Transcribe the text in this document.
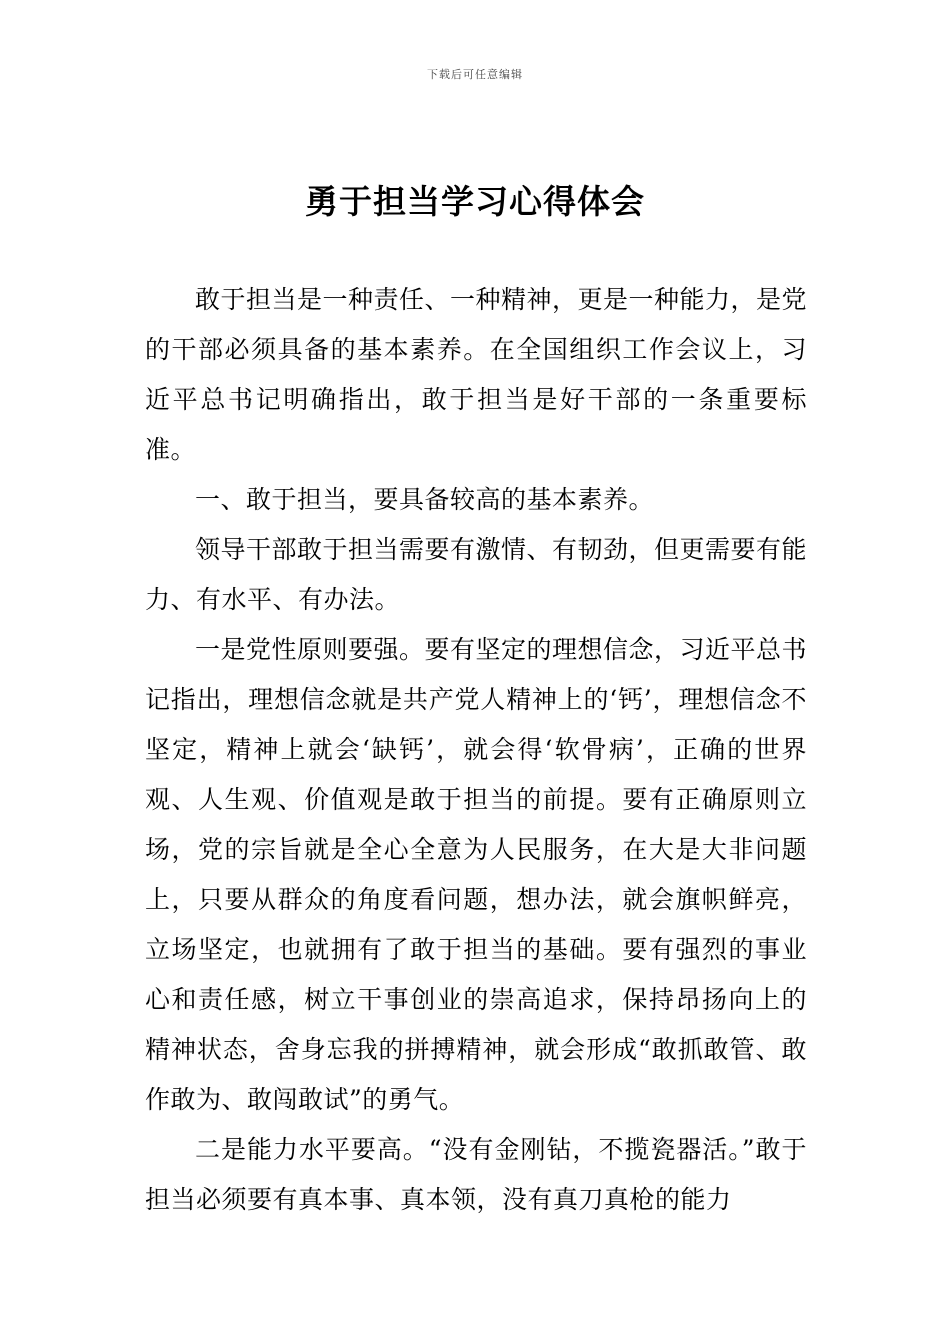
下载后可任意编辑
勇于担当学习心得体会

敢于担当是一种责任、一种精神，更是一种能力，是党的干部必须具备的基本素养。在全国组织工作会议上，习近平总书记明确指出，敢于担当是好干部的一条重要标准。

一、敢于担当，要具备较高的基本素养。

领导干部敢于担当需要有激情、有韧劲，但更需要有能力、有水平、有办法。

一是党性原则要强。要有坚定的理想信念，习近平总书记指出，理想信念就是共产党人精神上的‘钙’，理想信念不坚定，精神上就会‘缺钙’，就会得‘软骨病’，正确的世界观、人生观、价值观是敢于担当的前提。要有正确原则立场，党的宗旨就是全心全意为人民服务，在大是大非问题上，只要从群众的角度看问题，想办法，就会旗帜鲜亮，立场坚定，也就拥有了敢于担当的基础。要有强烈的事业心和责任感，树立干事创业的崇高追求，保持昂扬向上的精神状态，舍身忘我的拼搏精神，就会形成“敢抓敢管、敢作敢为、敢闯敢试”的勇气。

二是能力水平要高。“没有金刚钻，不揽瓷器活。”敢于担当必须要有真本事、真本领，没有真刀真枪的能力
